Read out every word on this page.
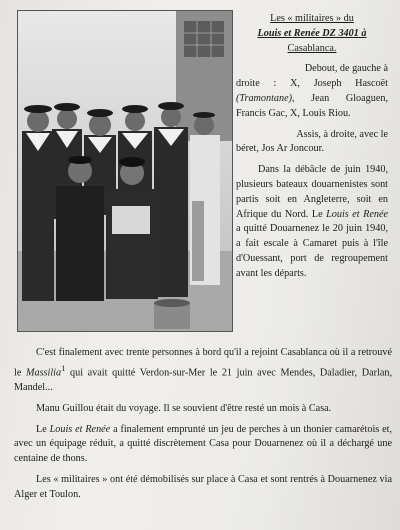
Les « militaires » du
Louis et Renée DZ 3401 à
Casablanca.

Debout, de gauche à

droite : X, Joseph Hascoët (Tramontane), Jean Gloaguen, Francis Gac, X, Louis Riou.

Assis, à droite, avec le

béret, Jos Ar Joncour.

Dans la débâcle de juin 1940, plusieurs bateaux douarnenistes sont partis soit en Angleterre, soit en Afrique du Nord. Le Louis et Renée a quitté Douarnenez le 20 juin 1940, a fait escale à Camaret puis à l'île d'Ouessant, port de regroupement avant les départs.

C'est finalement avec trente personnes à bord qu'il a rejoint Casablanca où il a retrouvé le Massilia$^1$ qui avait quitté Verdon-sur-Mer le 21 juin avec Mendes, Daladier, Darlan, Mandel...

Manu Guillou était du voyage. Il se souvient d'être resté un mois à Casa.

Le Louis et Renée a finalement emprunté un jeu de perches à un thonier camarétois et, avec un équipage réduit, a quitté discrètement Casa pour Douarnenez où il a déchargé une centaine de thons.

Les « militaires » ont été démobilisés sur place à Casa et sont rentrés à Douarnenez via Alger et Toulon.
